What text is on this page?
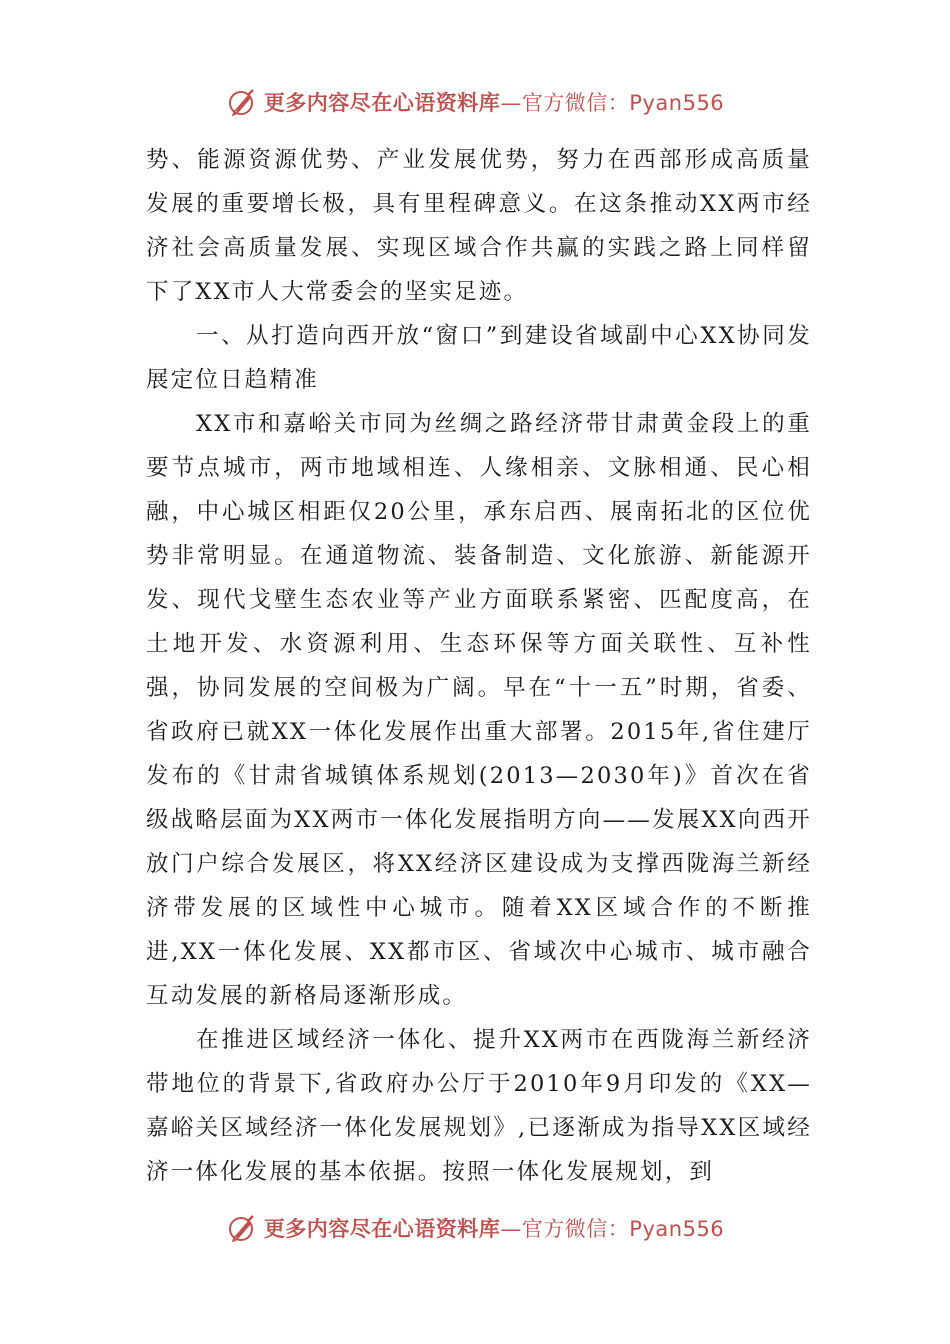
更多内容尽在心语资料库—官方微信：Pyan556

势、能源资源优势、产业发展优势，努力在西部形成高质量发展的重要增长极，具有里程碑意义。在这条推动XX两市经济社会高质量发展、实现区域合作共赢的实践之路上同样留下了XX市人大常委会的坚实足迹。

一、从打造向西开放“窗口”到建设省域副中心XX协同发展定位日趋精准

XX市和嘉峪关市同为丝绸之路经济带甘肃黄金段上的重要节点城市，两市地域相连、人缘相亲、文脉相通、民心相融，中心城区相距仅20公里，承东启西、展南拓北的区位优势非常明显。在通道物流、装备制造、文化旅游、新能源开发、现代戈壁生态农业等产业方面联系紧密、匹配度高，在土地开发、水资源利用、生态环保等方面关联性、互补性强，协同发展的空间极为广阔。早在“十一五”时期，省委、省政府已就XX一体化发展作出重大部署。2015年,省住建厅发布的《甘肃省城镇体系规划(2013—2030年)》首次在省级战略层面为XX两市一体化发展指明方向——发展XX向西开放门户综合发展区，将XX经济区建设成为支撑西陇海兰新经济带发展的区域性中心城市。随着XX区域合作的不断推进,XX一体化发展、XX都市区、省域次中心城市、城市融合互动发展的新格局逐渐形成。

在推进区域经济一体化、提升XX两市在西陇海兰新经济带地位的背景下,省政府办公厅于2010年9月印发的《XX—嘉峪关区域经济一体化发展规划》,已逐渐成为指导XX区域经济一体化发展的基本依据。按照一体化发展规划，到

更多内容尽在心语资料库—官方微信：Pyan556
